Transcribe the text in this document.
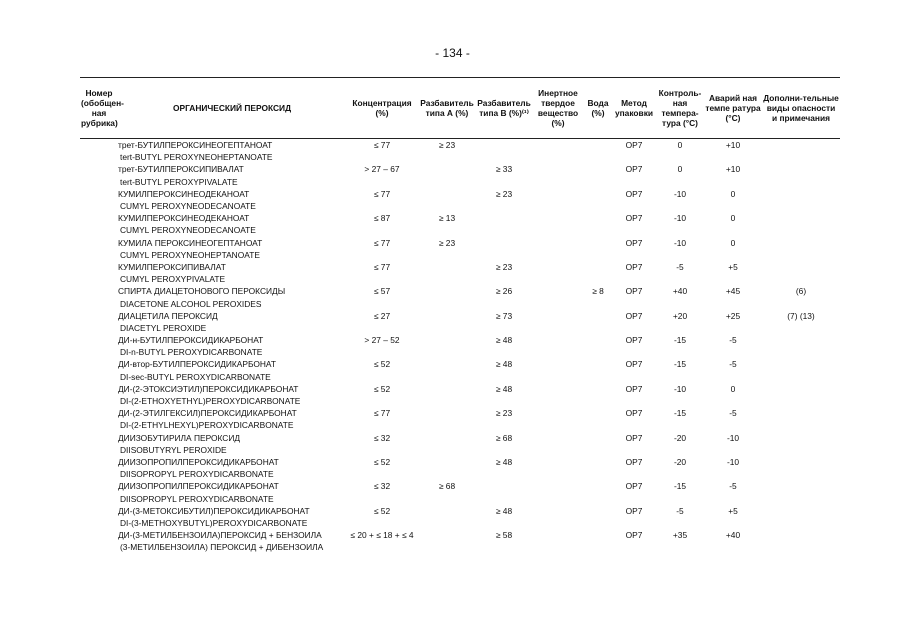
- 134 -
Номер (обобщен-ная рубрика)	ОРГАНИЧЕСКИЙ ПЕРОКСИД	Концентрация (%)	Разбавитель типа А (%)	Разбавитель типа В (%)⁽¹⁾	Инертное твердое вещество (%)	Вода (%)	Метод упаковки	Контроль-ная темпера-тура (°C)	Аварий ная темпе ратура (°C)	Дополни-тельные виды опасности и примечания
	трет-БУТИЛПЕРОКСИНЕОГЕПТАНОАТ	≤ 77	≥ 23				OP7	0	+10	
	tert-BUTYL PEROXYNEOHEPTANOATE									
	трет-БУТИЛПЕРОКСИПИВАЛАТ	> 27 – 67		≥ 33			OP7	0	+10	
	tert-BUTYL PEROXYPIVALATE									
	КУМИЛПЕРОКСИНЕОДЕКАНОАТ	≤ 77		≥ 23			OP7	-10	0	
	CUMYL PEROXYNEODECANOATE									
	КУМИЛПЕРОКСИНЕОДЕКАНОАТ	≤ 87	≥ 13				OP7	-10	0	
	CUMYL PEROXYNEODECANOATE									
	КУМИЛА ПЕРОКСИНЕОГЕПТАНОАТ	≤ 77	≥ 23				OP7	-10	0	
	CUMYL PEROXYNEOHEPTANOATE									
	КУМИЛПЕРОКСИПИВАЛАТ	≤ 77		≥ 23			OP7	-5	+5	
	CUMYL PEROXYPIVALATE									
	СПИРТА ДИАЦЕТОНОВОГО ПЕРОКСИДЫ	≤ 57		≥ 26		≥ 8	OP7	+40	+45	(6)
	DIACETONE ALCOHOL PEROXIDES									
	ДИАЦЕТИЛА ПЕРОКСИД	≤ 27		≥ 73			OP7	+20	+25	(7) (13)
	DIACETYL PEROXIDE									
	ДИ-н-БУТИЛПЕРОКСИДИКАРБОНАТ	> 27 – 52		≥ 48			OP7	-15	-5	
	DI-n-BUTYL PEROXYDICARBONATE									
	ДИ-втор-БУТИЛПЕРОКСИДИКАРБОНАТ	≤ 52		≥ 48			OP7	-15	-5	
	DI-sec-BUTYL PEROXYDICARBONATE									
	ДИ-(2-ЭТОКСИЭТИЛ)ПЕРОКСИДИКАРБОНАТ	≤ 52		≥ 48			OP7	-10	0	
	DI-(2-ETHOXYETHYL)PEROXYDICARBONATE									
	ДИ-(2-ЭТИЛГЕКСИЛ)ПЕРОКСИДИКАРБОНАТ	≤ 77		≥ 23			OP7	-15	-5	
	DI-(2-ETHYLHEXYL)PEROXYDICARBONATE									
	ДИИЗОБУТИРИЛА ПЕРОКСИД	≤ 32		≥ 68			OP7	-20	-10	
	DIISOBUTYRYL PEROXIDE									
	ДИИЗОПРОПИЛПЕРОКСИДИКАРБОНАТ	≤ 52		≥ 48			OP7	-20	-10	
	DIISOPROPYL PEROXYDICARBONATE									
	ДИИЗОПРОПИЛПЕРОКСИДИКАРБОНАТ	≤ 32	≥ 68				OP7	-15	-5	
	DIISOPROPYL PEROXYDICARBONATE									
	ДИ-(3-МЕТОКСИБУТИЛ)ПЕРОКСИДИКАРБОНАТ	≤ 52		≥ 48			OP7	-5	+5	
	DI-(3-METHOXYBUTYL)PEROXYDICARBONATE									
	ДИ-(3-МЕТИЛБЕНЗОИЛА)ПЕРОКСИД + БЕНЗОИЛА	≤ 20 + ≤ 18 + ≤ 4		≥ 58			OP7	+35	+40	
	(3-МЕТИЛБЕНЗОИЛА) ПЕРОКСИД + ДИБЕНЗОИЛА									
